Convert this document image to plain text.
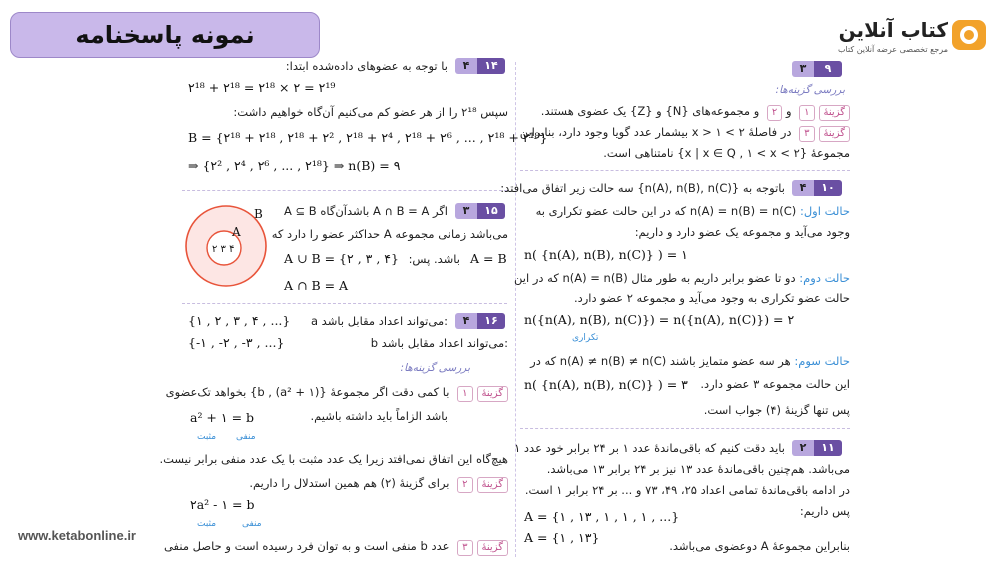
نمونه پاسخنامه	کتاب آنلاین
مرجع تخصصی عرضه آنلاین کتاب
www.ketabonline.ir
۳	۹
بررسی گزینه‌ها:
گزینهٔ۱ و ۲ و مجموعه‌های {N} و {Z} یک عضوی هستند.
گزینهٔ۳ در فاصلهٔ ۲ > x > ۱ بیشمار عدد گویا وجود دارد، بنابراین
مجموعهٔ {x | x ∈ Q , ۱ < x < ۲} نامتناهی است.
۴	۱۰
باتوجه به {n(A), n(B), n(C)} سه حالت زیر اتفاق می‌افتد:
حالت اول: n(A) = n(B) = n(C) که در این حالت عضو تکراری به
وجود می‌آید و مجموعه یک عضو دارد و داریم:
n( {n(A), n(B), n(C)} ) = ۱
حالت دوم: دو تا عضو برابر داریم به طور مثال n(A) = n(B) که در این
حالت عضو تکراری به وجود می‌آید و مجموعه ۲ عضو دارد.
n({n(A), n(B), n(C)}) = n({n(A), n(C)}) = ۲
تکراری
حالت سوم: هر سه عضو متمایز باشند n(A) ≠ n(B) ≠ n(C) که در
این حالت مجموعه ۳ عضو دارد.
n( {n(A), n(B), n(C)} ) = ۳
پس تنها گزینهٔ (۴) جواب است.
۲	۱۱
باید دقت کنیم که باقی‌ماندهٔ عدد ۱ بر ۲۴ برابر خود عدد ۱
می‌باشد. هم‌چنین باقی‌ماندهٔ عدد ۱۳ نیز بر ۲۴ برابر ۱۳ می‌باشد.
در ادامه باقی‌ماندهٔ تمامی اعداد ۲۵، ۴۹، ۷۳ و ... بر ۲۴ برابر ۱ است.
پس داریم:
A = {۱ , ۱۳ , ۱ , ۱ , ۱ , ...}
A = {۱ , ۱۳}
بنابراین مجموعهٔ A دوعضوی می‌باشد.
۴	۱۴
با توجه به عضوهای داده‌شده ابتدا:
۲¹⁸ + ۲¹⁸ = ۲¹⁸ × ۲ = ۲¹⁹
سپس ۲¹⁸ را از هر عضو کم می‌کنیم آن‌گاه خواهیم داشت:
B = {۲¹⁸ + ۲¹⁸ , ۲¹⁸ + ۲² , ۲¹⁸ + ۲⁴ , ۲¹⁸ + ۲⁶ , ... , ۲¹⁸ + ۲¹⁸}
⇒ {۲² , ۲⁴ , ۲⁶ , ... , ۲¹⁸} ⇒ n(B) = ۹
۳	۱۵
اگر A ∩ B = A باشدآن‌گاه A ⊆ B
می‌باشد زمانی مجموعه A حداکثر عضو را دارد که
A ∪ B = {۲ , ۳ , ۴} باشد. پس: A = B
A ∩ B = A
B
A
۲ ۳ ۴
۴	۱۶
a می‌تواند اعداد مقابل باشد:
{۱ , ۲ , ۳ , ۴ , ...}
b می‌تواند اعداد مقابل باشد:
{-۱ , -۲ , -۳ , ...}
بررسی گزینه‌ها:
گزینهٔ۱ با کمی دقت اگر مجموعهٔ {b , (a² + ۱)} بخواهد تک‌عضوی
باشد الزاماً باید داشته باشیم.
a² + ۱ = b
مثبت منفی
هیچ‌گاه این اتفاق نمی‌افتد زیرا یک عدد مثبت با یک عدد منفی برابر نیست.
گزینهٔ۲ برای گزینهٔ (۲) هم همین استدلال را داریم.
۲a² - ۱ = b
مثبت	منفی
گزینهٔ۳ عدد b منفی است و به توان فرد رسیده است و حاصل منفی
